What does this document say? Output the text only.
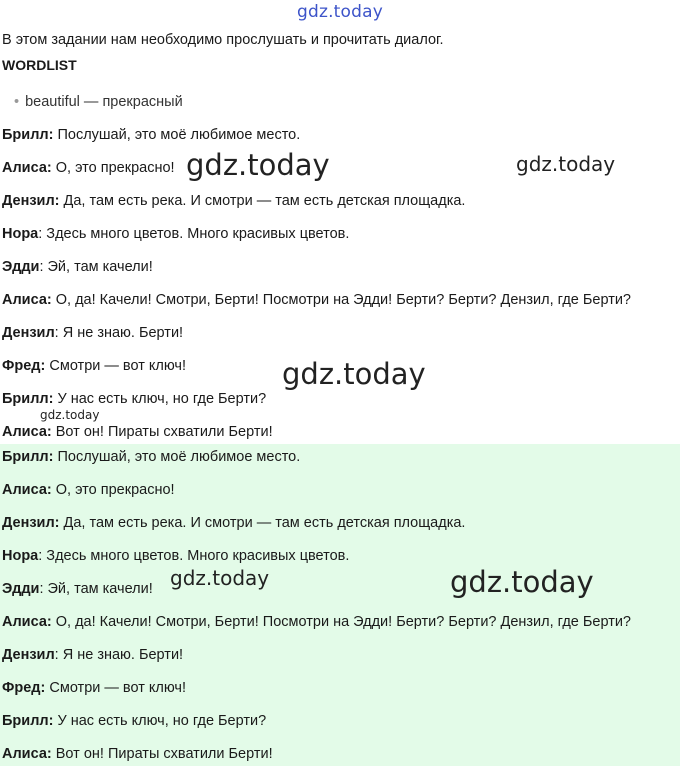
gdz.today
В этом задании нам необходимо прослушать и прочитать диалог.
WORDLIST
• beautiful — прекрасный
Брилл: Послушай, это моё любимое место.
Алиса: О, это прекрасно!
Дензил: Да, там есть река. И смотри — там есть детская площадка.
Нора: Здесь много цветов. Много красивых цветов.
Эдди: Эй, там качели!
Алиса: О, да! Качели! Смотри, Берти! Посмотри на Эдди! Берти? Берти? Дензил, где Берти?
Дензил: Я не знаю. Берти!
Фред: Смотри — вот ключ!
Брилл: У нас есть ключ, но где Берти?
Алиса: Вот он! Пираты схватили Берти!
Брилл: Послушай, это моё любимое место.
Алиса: О, это прекрасно!
Дензил: Да, там есть река. И смотри — там есть детская площадка.
Нора: Здесь много цветов. Много красивых цветов.
Эдди: Эй, там качели!
Алиса: О, да! Качели! Смотри, Берти! Посмотри на Эдди! Берти? Берти? Дензил, где Берти?
Дензил: Я не знаю. Берти!
Фред: Смотри — вот ключ!
Брилл: У нас есть ключ, но где Берти?
Алиса: Вот он! Пираты схватили Берти!
gdz.today	gdz.today
gdz.today
gdz.today
gdz.today	gdz.today
